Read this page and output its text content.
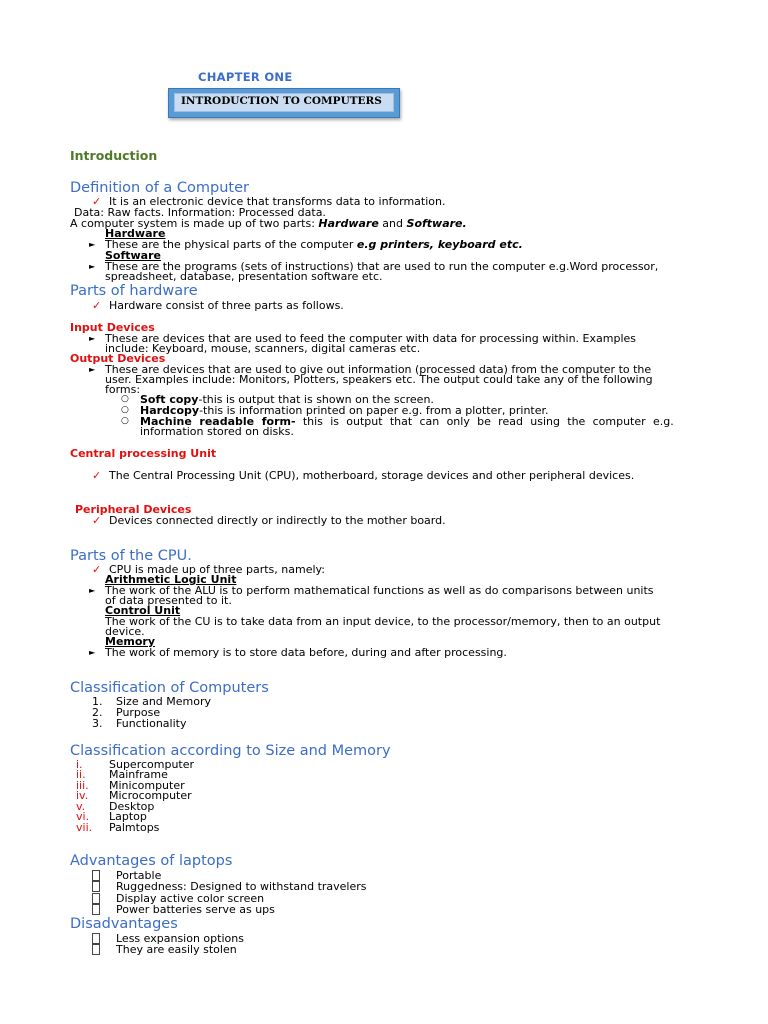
CHAPTER ONE
INTRODUCTION TO COMPUTERS
Introduction
Definition of a Computer
✓ It is an electronic device that transforms data to information.
Data: Raw facts. Information: Processed data.
A computer system is made up of two parts: Hardware and Software.
Hardware
► These are the physical parts of the computer e.g printers, keyboard etc.
Software
► These are the programs (sets of instructions) that are used to run the computer e.g.Word processor,
spreadsheet, database, presentation software etc.
Parts of hardware
✓ Hardware consist of three parts as follows.
Input Devices
► These are devices that are used to feed the computer with data for processing within. Examples
include: Keyboard, mouse, scanners, digital cameras etc.
Output Devices
► These are devices that are used to give out information (processed data) from the computer to the
user. Examples include: Monitors, Plotters, speakers etc. The output could take any of the following
forms:
○ Soft copy-this is output that is shown on the screen.
○ Hardcopy-this is information printed on paper e.g. from a plotter, printer.
○ Machine readable form- this is output that can only be read using the computer e.g.
information stored on disks.
Central processing Unit
✓ The Central Processing Unit (CPU), motherboard, storage devices and other peripheral devices.
Peripheral Devices
✓ Devices connected directly or indirectly to the mother board.
Parts of the CPU.
✓ CPU is made up of three parts, namely:
Arithmetic Logic Unit
► The work of the ALU is to perform mathematical functions as well as do comparisons between units
of data presented to it.
Control Unit
The work of the CU is to take data from an input device, to the processor/memory, then to an output
device.
Memory
► The work of memory is to store data before, during and after processing.
Classification of Computers
1. Size and Memory
2. Purpose
3. Functionality
Classification according to Size and Memory
i. Supercomputer
ii. Mainframe
iii. Minicomputer
iv. Microcomputer
v. Desktop
vi. Laptop
vii. Palmtops
Advantages of laptops
Portable
Ruggedness: Designed to withstand travelers
Display active color screen
Power batteries serve as ups
Disadvantages
Less expansion options
They are easily stolen
